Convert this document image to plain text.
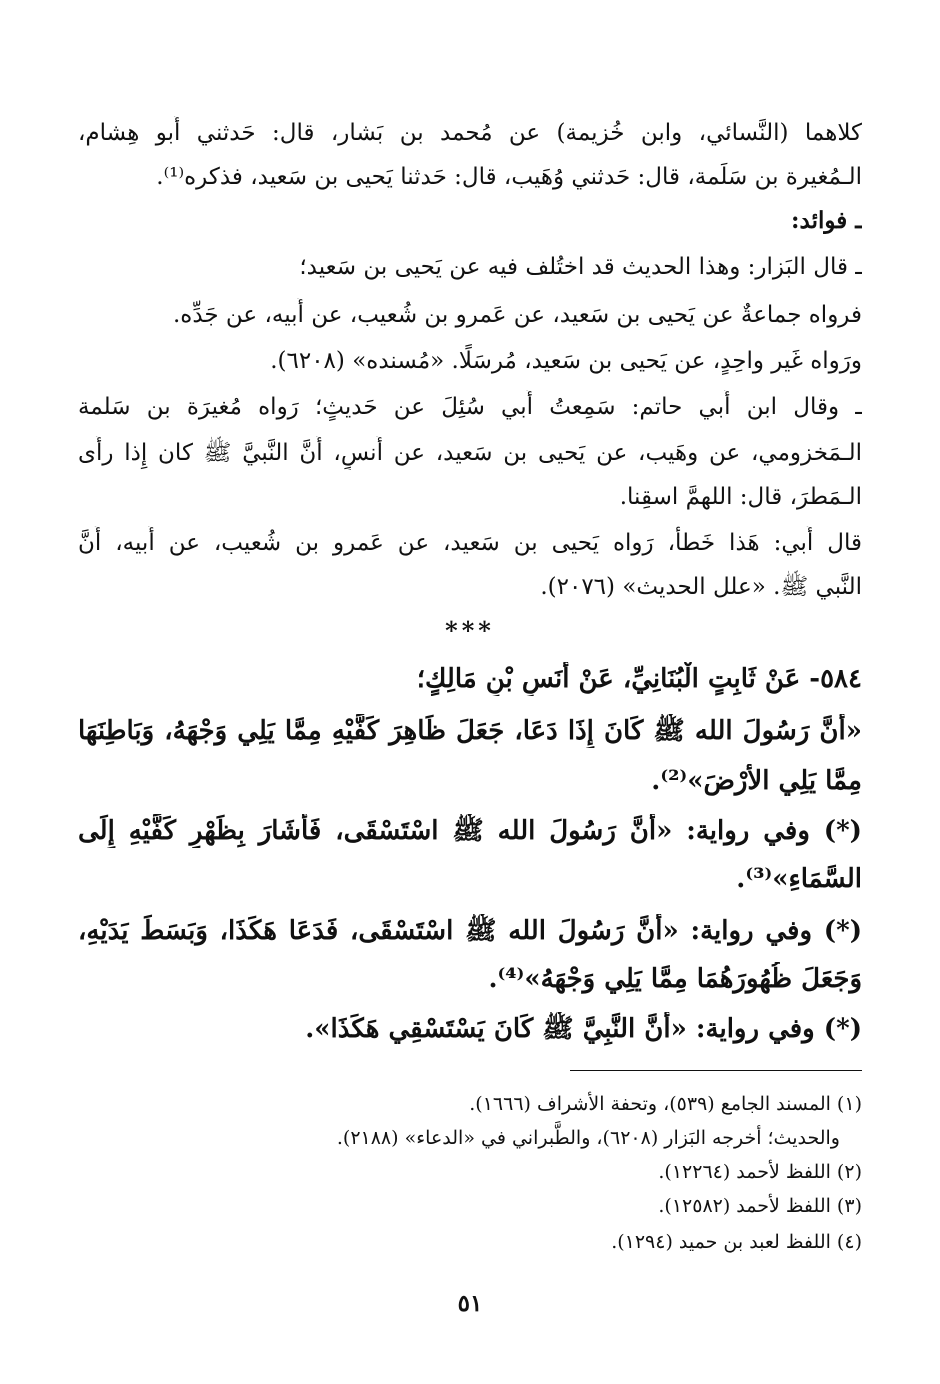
كلاهما (النَّسائي، وابن خُزيمة) عن مُحمد بن بَشار، قال: حَدثني أَبو هِشام،
الـمُغيرة بن سَلَمة، قال: حَدثني وُهَيب، قال: حَدثنا يَحيى بن سَعيد، فذكره⁽¹⁾.
ـ فوائد:
ـ قال البَزار: وهذا الحديث قد اختُلف فيه عن يَحيى بن سَعيد؛
فرواه جماعةٌ عن يَحيى بن سَعيد، عن عَمرو بن شُعيب، عن أَبيه، عن جَدِّه.
ورَواه غَير واحِدٍ، عن يَحيى بن سَعيد، مُرسَلًا. «مُسنده» (٦٢٠٨).
ـ وقال ابن أَبي حاتم: سَمِعتُ أَبي سُئِلَ عن حَديثٍ؛ رَواه مُغيرَة بن سَلمة
الـمَخزومي، عن وهَيب، عن يَحيى بن سَعيد، عن أَنسٍ، أَنَّ النَّبيَّ ﷺ كان إِذا رأَى
الـمَطرَ، قال: اللهمَّ اسقِنا.
قال أَبي: هَذا خَطأٌ، رَواه يَحيى بن سَعيد، عن عَمرو بن شُعيب، عن أَبيه، أَنَّ
النَّبي ﷺ. «علل الحديث» (٢٠٧٦).
***
٥٨٤- عَنْ ثَابِتٍ الْبُنَانِيِّ، عَنْ أَنَسِ بْنِ مَالِكٍ؛
«أَنَّ رَسُولَ الله ﷺ كَانَ إِذَا دَعَا، جَعَلَ ظَاهِرَ كَفَّيْهِ مِمَّا يَلِي وَجْهَهُ، وَبَاطِنَهَا
مِمَّا يَلِي الأَرْضَ»⁽²⁾.
(*) وفي رواية: «أَنَّ رَسُولَ الله ﷺ اسْتَسْقَى، فَأَشَارَ بِظَهْرِ كَفَّيْهِ إِلَى
السَّمَاءِ»⁽³⁾.
(*) وفي رواية: «أَنَّ رَسُولَ الله ﷺ اسْتَسْقَى، فَدَعَا هَكَذَا، وَبَسَطَ يَدَيْهِ،
وَجَعَلَ ظُهُورَهُمَا مِمَّا يَلِي وَجْهَهُ»⁽⁴⁾.
(*) وفي رواية: «أَنَّ النَّبِيَّ ﷺ كَانَ يَسْتَسْقِي هَكَذَا».
(١) المسند الجامع (٥٣٩)، وتحفة الأشراف (١٦٦٦).
والحديث؛ أخرجه البَزار (٦٢٠٨)، والطَّبراني في «الدعاء» (٢١٨٨).
(٢) اللفظ لأحمد (١٢٢٦٤).
(٣) اللفظ لأحمد (١٢٥٨٢).
(٤) اللفظ لعبد بن حميد (١٢٩٤).
٥١
